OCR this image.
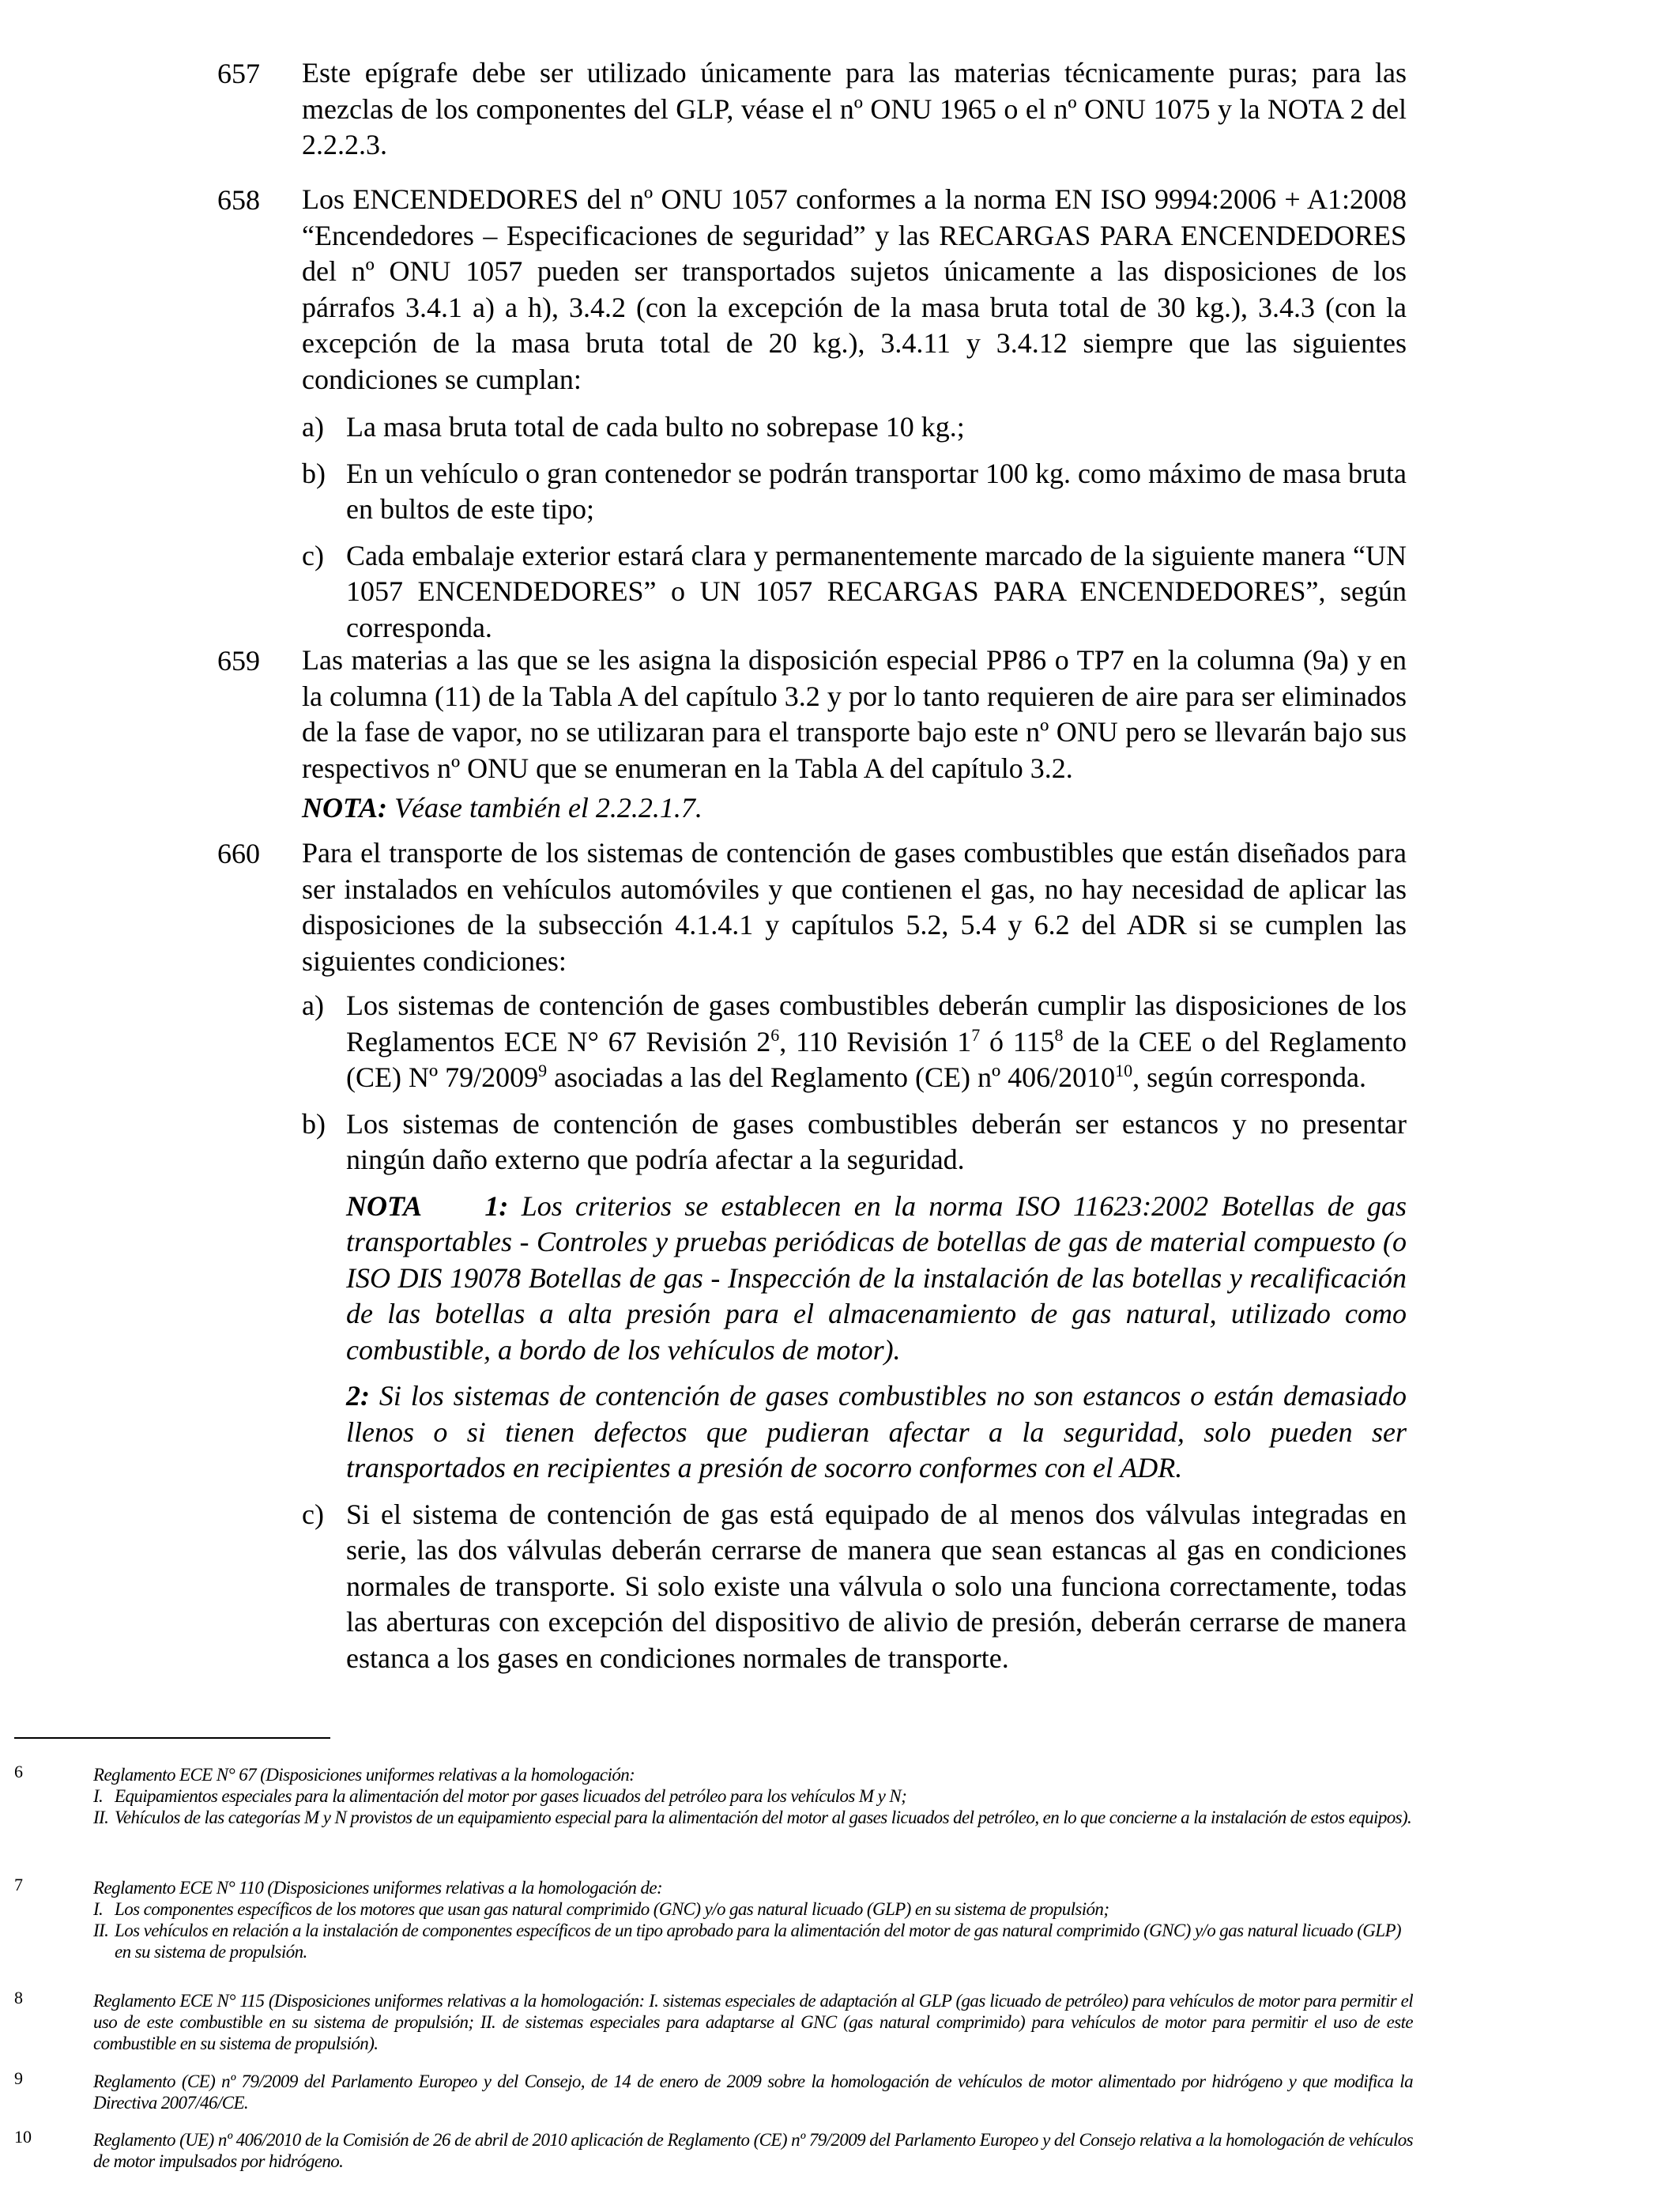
657 Este epígrafe debe ser utilizado únicamente para las materias técnicamente puras; para las mezclas de los componentes del GLP, véase el nº ONU 1965 o el nº ONU 1075 y la NOTA 2 del 2.2.2.3.
658 Los ENCENDEDORES del nº ONU 1057 conformes a la norma EN ISO 9994:2006 + A1:2008 “Encendedores – Especificaciones de seguridad” y las RECARGAS PARA ENCENDEDORES del nº ONU 1057 pueden ser transportados sujetos únicamente a las disposiciones de los párrafos 3.4.1 a) a h), 3.4.2 (con la excepción de la masa bruta total de 30 kg.), 3.4.3 (con la excepción de la masa bruta total de 20 kg.), 3.4.11 y 3.4.12 siempre que las siguientes condiciones se cumplan:
a) La masa bruta total de cada bulto no sobrepase 10 kg.;
b) En un vehículo o gran contenedor se podrán transportar 100 kg. como máximo de masa bruta en bultos de este tipo;
c) Cada embalaje exterior estará clara y permanentemente marcado de la siguiente manera “UN 1057 ENCENDEDORES” o UN 1057 RECARGAS PARA ENCENDEDORES”, según corresponda.
659 Las materias a las que se les asigna la disposición especial PP86 o TP7 en la columna (9a) y en la columna (11) de la Tabla A del capítulo 3.2 y por lo tanto requieren de aire para ser eliminados de la fase de vapor, no se utilizaran para el transporte bajo este nº ONU pero se llevarán bajo sus respectivos nº ONU que se enumeran en la Tabla A del capítulo 3.2.
NOTA: Véase también el 2.2.2.1.7.
660 Para el transporte de los sistemas de contención de gases combustibles que están diseñados para ser instalados en vehículos automóviles y que contienen el gas, no hay necesidad de aplicar las disposiciones de la subsección 4.1.4.1 y capítulos 5.2, 5.4 y 6.2 del ADR si se cumplen las siguientes condiciones:
a) Los sistemas de contención de gases combustibles deberán cumplir las disposiciones de los Reglamentos ECE N° 67 Revisión $2^6$, 110 Revisión $1^7$ ó $115^8$ de la CEE o del Reglamento (CE) Nº 79/2009$^9$ asociadas a las del Reglamento (CE) nº 406/2010$^{10}$, según corresponda.
b) Los sistemas de contención de gases combustibles deberán ser estancos y no presentar ningún daño externo que podría afectar a la seguridad.
NOTA     1: Los criterios se establecen en la norma ISO 11623:2002 Botellas de gas transportables - Controles y pruebas periódicas de botellas de gas de material compuesto (o ISO DIS 19078 Botellas de gas - Inspección de la instalación de las botellas y recalificación de las botellas a alta presión para el almacenamiento de gas natural, utilizado como combustible, a bordo de los vehículos de motor).
2: Si los sistemas de contención de gases combustibles no son estancos o están demasiado llenos o si tienen defectos que pudieran afectar a la seguridad, solo pueden ser transportados en recipientes a presión de socorro conformes con el ADR.
c) Si el sistema de contención de gas está equipado de al menos dos válvulas integradas en serie, las dos válvulas deberán cerrarse de manera que sean estancas al gas en condiciones normales de transporte. Si solo existe una válvula o solo una funciona correctamente, todas las aberturas con excepción del dispositivo de alivio de presión, deberán cerrarse de manera estanca a los gases en condiciones normales de transporte.
6	Reglamento ECE N° 67 (Disposiciones uniformes relativas a la homologación:
I. Equipamientos especiales para la alimentación del motor por gases licuados del petróleo para los vehículos M y N;
II. Vehículos de las categorías M y N provistos de un equipamiento especial para la alimentación del motor al gases licuados del petróleo, en lo que concierne a la instalación de estos equipos).
7	Reglamento ECE N° 110 (Disposiciones uniformes relativas a la homologación de:
I. Los componentes específicos de los motores que usan gas natural comprimido (GNC) y/o gas natural licuado (GLP) en su sistema de propulsión;
II. Los vehículos en relación a la instalación de componentes específicos de un tipo aprobado para la alimentación del motor de gas natural comprimido (GNC) y/o gas natural licuado (GLP) en su sistema de propulsión.
8	Reglamento ECE N° 115 (Disposiciones uniformes relativas a la homologación: I. sistemas especiales de adaptación al GLP (gas licuado de petróleo) para vehículos de motor para permitir el uso de este combustible en su sistema de propulsión; II. de sistemas especiales para adaptarse al GNC (gas natural comprimido) para vehículos de motor para permitir el uso de este combustible en su sistema de propulsión).
9	Reglamento (CE) nº 79/2009 del Parlamento Europeo y del Consejo, de 14 de enero de 2009 sobre la homologación de vehículos de motor alimentado por hidrógeno y que modifica la Directiva 2007/46/CE.
10	Reglamento (UE) nº 406/2010 de la Comisión de 26 de abril de 2010 aplicación de Reglamento (CE) nº 79/2009 del Parlamento Europeo y del Consejo relativa a la homologación de vehículos de motor impulsados por hidrógeno.
